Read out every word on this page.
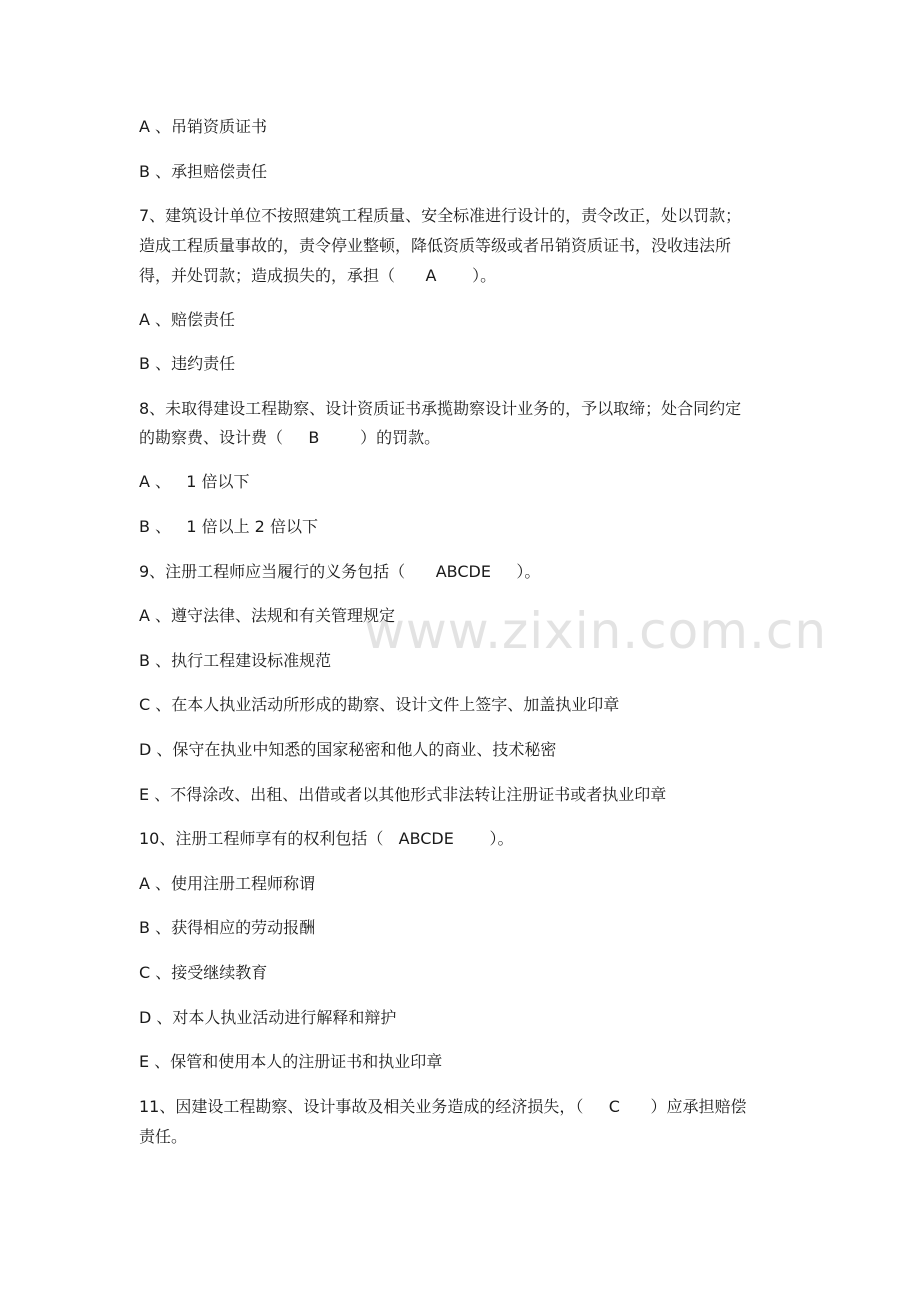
www.zixin.com.cn
A 、吊销资质证书
B 、承担赔偿责任
7、建筑设计单位不按照建筑工程质量、安全标准进行设计的，责令改正，处以罚款；
造成工程质量事故的，责令停业整顿，降低资质等级或者吊销资质证书，没收违法所
得，并处罚款；造成损失的，承担（      A       ）。
A 、赔偿责任
B 、违约责任
8、未取得建设工程勘察、设计资质证书承揽勘察设计业务的，予以取缔；处合同约定
的勘察费、设计费（     B        ）的罚款。
A 、   1 倍以下
B 、   1 倍以上 2 倍以下
9、注册工程师应当履行的义务包括（      ABCDE     ）。
A 、遵守法律、法规和有关管理规定
B 、执行工程建设标准规范
C 、在本人执业活动所形成的勘察、设计文件上签字、加盖执业印章
D 、保守在执业中知悉的国家秘密和他人的商业、技术秘密
E 、不得涂改、出租、出借或者以其他形式非法转让注册证书或者执业印章
10、注册工程师享有的权利包括（   ABCDE       ）。
A 、使用注册工程师称谓
B 、获得相应的劳动报酬
C 、接受继续教育
D 、对本人执业活动进行解释和辩护
E 、保管和使用本人的注册证书和执业印章
11、因建设工程勘察、设计事故及相关业务造成的经济损失，（     C      ）应承担赔偿
责任。
